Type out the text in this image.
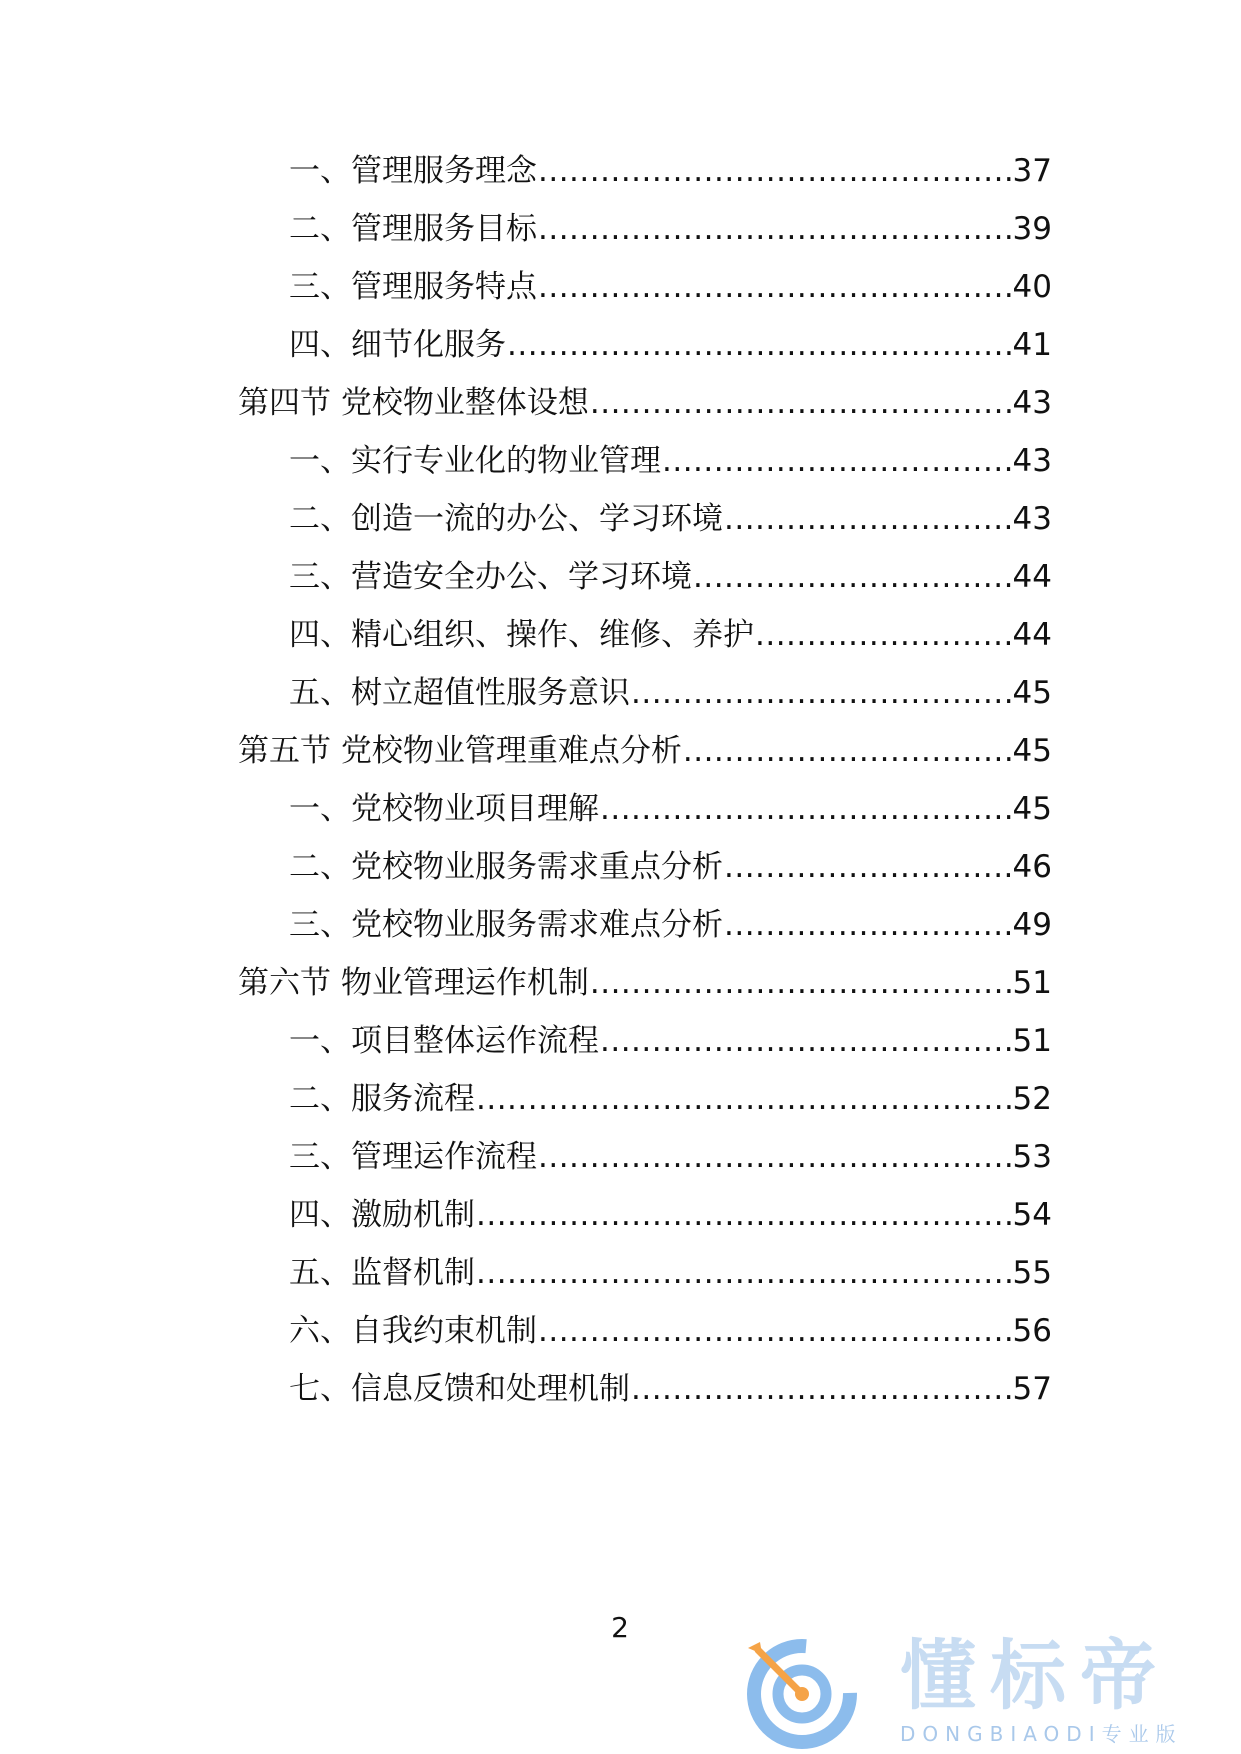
一、管理服务理念 .....	37
二、管理服务目标 .....	39
三、管理服务特点 .....	40
四、细节化服务 .....	41
第四节 党校物业整体设想 .....	43
一、实行专业化的物业管理 .....	43
二、创造一流的办公、学习环境 .....	43
三、营造安全办公、学习环境 .....	44
四、精心组织、操作、维修、养护 .....	44
五、树立超值性服务意识 .....	45
第五节 党校物业管理重难点分析 .....	45
一、党校物业项目理解 .....	45
二、党校物业服务需求重点分析 .....	46
三、党校物业服务需求难点分析 .....	49
第六节 物业管理运作机制 .....	51
一、项目整体运作流程 .....	51
二、服务流程 .....	52
三、管理运作流程 .....	53
四、激励机制 .....	54
五、监督机制 .....	55
六、自我约束机制 .....	56
七、信息反馈和处理机制 .....	57
2
懂标帝
DONGBIAODI专业版
